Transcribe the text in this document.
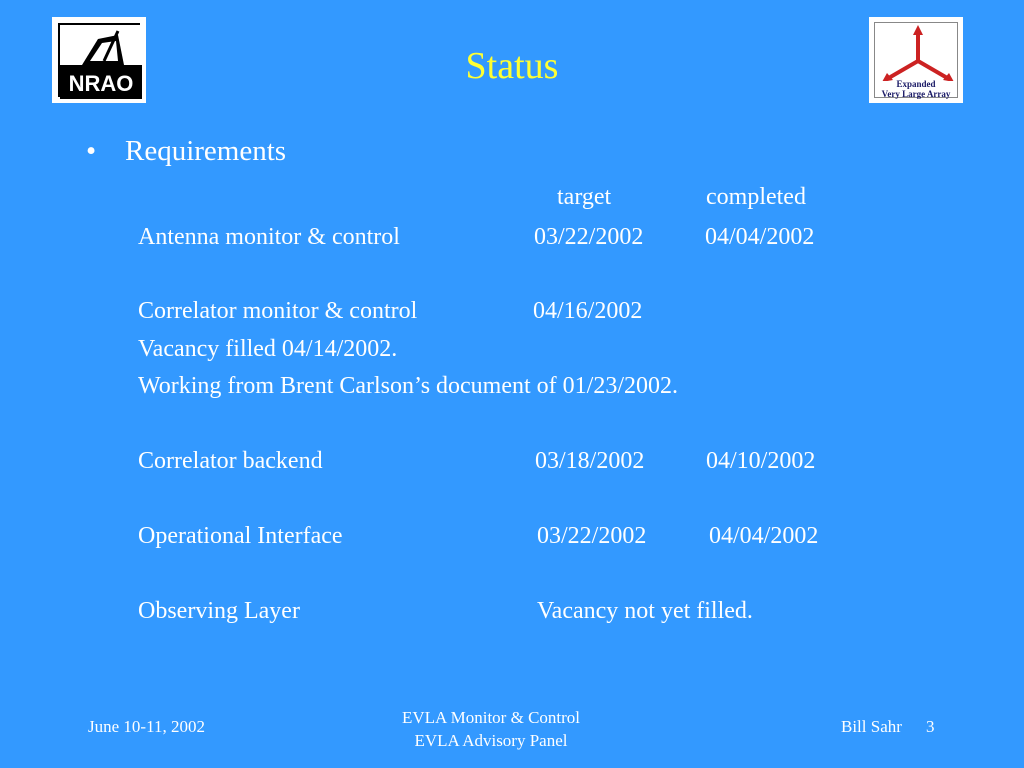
NRAO	Status	Expanded
Very Large Array
• Requirements
target	completed
Antenna monitor & control	03/22/2002	04/04/2002
Correlator monitor & control	04/16/2002
Vacancy filled 04/14/2002.
Working from Brent Carlson’s document of 01/23/2002.
Correlator backend	03/18/2002	04/10/2002
Operational Interface	03/22/2002	04/04/2002
Observing Layer	Vacancy not yet filled.
June 10-11, 2002	EVLA Monitor & Control
EVLA Advisory Panel
Bill Sahr 3
